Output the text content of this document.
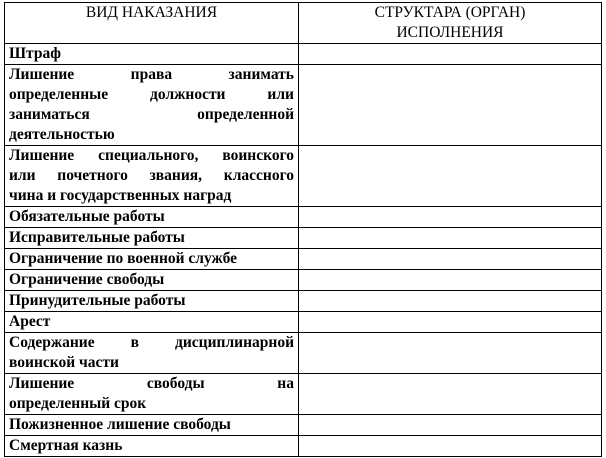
ВИД НАКАЗАНИЯ	СТРУКТАРА (ОРГАН)
ИСПОЛНЕНИЯ

Штраф	

Лишение права занимать
определенные должности или
заниматься определенной
деятельностью	

Лишение специального, воинского
или почетного звания, классного
чина и государственных наград	

Обязательные работы	

Исправительные работы	

Ограничение по военной службе	

Ограничение свободы	

Принудительные работы	

Арест	

Содержание в дисциплинарной
воинской части	

Лишение свободы на
определенный срок	

Пожизненное лишение свободы	

Смертная казнь	
